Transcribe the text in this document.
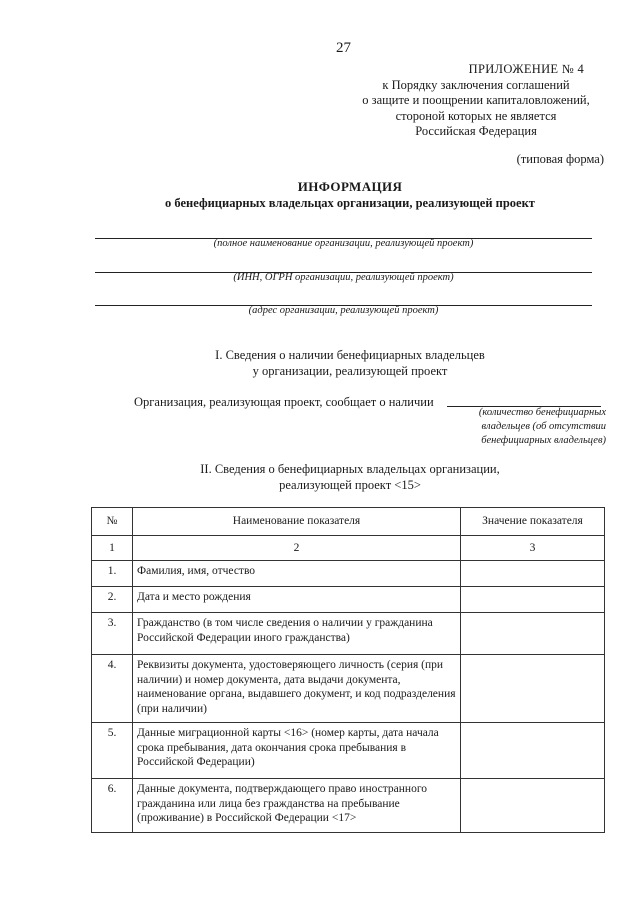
27
ПРИЛОЖЕНИЕ № 4
к Порядку заключения соглашений
о защите и поощрении капиталовложений,
стороной которых не является
Российская Федерация
(типовая форма)
ИНФОРМАЦИЯ
о бенефициарных владельцах организации, реализующей проект
(полное наименование организации, реализующей проект)
(ИНН, ОГРН организации, реализующей проект)
(адрес организации, реализующей проект)
I. Сведения о наличии бенефициарных владельцев
у организации, реализующей проект
Организация, реализующая проект, сообщает о наличии
(количество бенефициарных
владельцев (об отсутствии
бенефициарных владельцев)
II. Сведения о бенефициарных владельцах организации,
реализующей проект <15>
№	Наименование показателя	Значение показателя
1	2	3
1.	Фамилия, имя, отчество	
2.	Дата и место рождения	
3.	Гражданство (в том числе сведения о наличии у гражданина Российской Федерации иного гражданства)	
4.	Реквизиты документа, удостоверяющего личность (серия (при наличии) и номер документа, дата выдачи документа, наименование органа, выдавшего документ, и код подразделения (при наличии)	
5.	Данные миграционной карты <16> (номер карты, дата начала срока пребывания, дата окончания срока пребывания в Российской Федерации)	
6.	Данные документа, подтверждающего право иностранного гражданина или лица без гражданства на пребывание (проживание) в Российской Федерации <17>	
